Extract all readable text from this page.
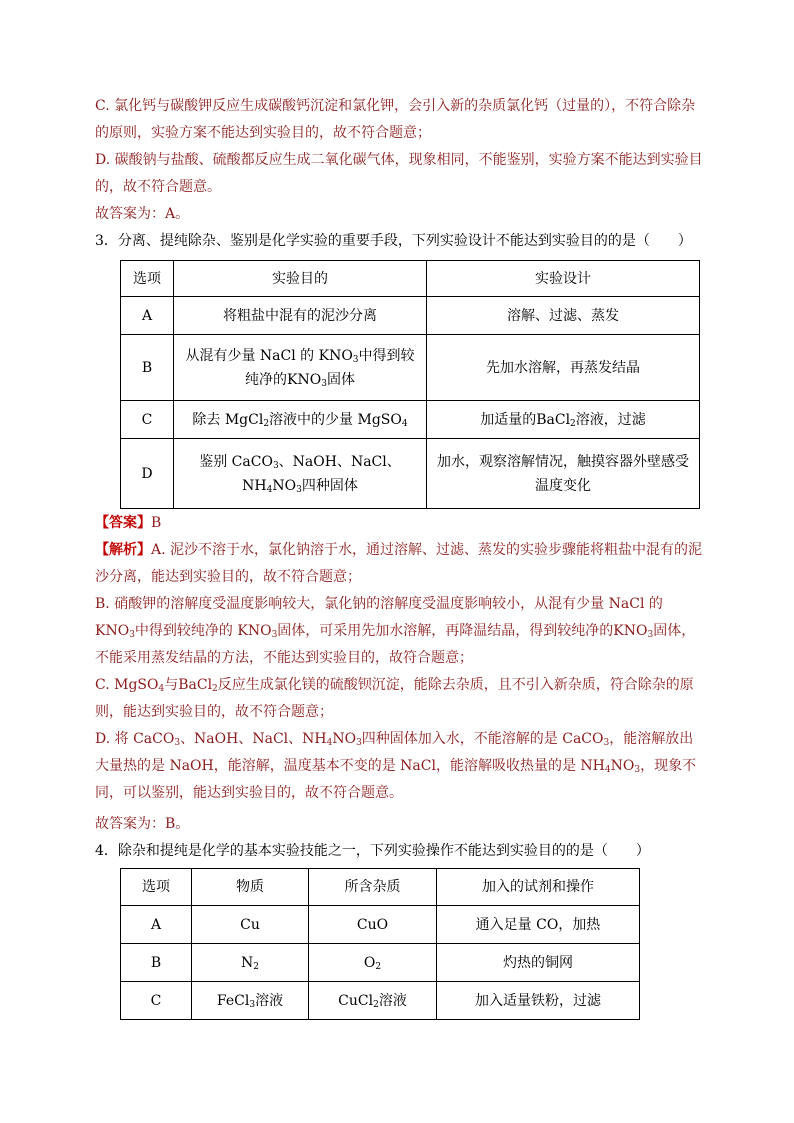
C. 氯化钙与碳酸钾反应生成碳酸钙沉淀和氯化钾，会引入新的杂质氯化钙（过量的），不符合除杂的原则，实验方案不能达到实验目的，故不符合题意；

D. 碳酸钠与盐酸、硫酸都反应生成二氧化碳气体，现象相同，不能鉴别，实验方案不能达到实验目的，故不符合题意。

故答案为：A。

3．分离、提纯除杂、鉴别是化学实验的重要手段，下列实验设计不能达到实验目的的是（　　）

选项	实验目的	实验设计
A	将粗盐中混有的泥沙分离	溶解、过滤、蒸发
B	从混有少量 NaCl 的 $KNO_3$中得到较纯净的$KNO_3$固体	先加水溶解，再蒸发结晶
C	除去 MgCl$_2$溶液中的少量 MgSO$_4$	加适量的BaCl$_2$溶液，过滤
D	鉴别 CaCO$_3$、NaOH、NaCl、$NH_4NO_3$四种固体	加水，观察溶解情况，触摸容器外壁感受温度变化

【答案】B

【解析】A. 泥沙不溶于水，氯化钠溶于水，通过溶解、过滤、蒸发的实验步骤能将粗盐中混有的泥沙分离，能达到实验目的，故不符合题意；

B. 硝酸钾的溶解度受温度影响较大，氯化钠的溶解度受温度影响较小，从混有少量 NaCl 的 $KNO_3$中得到较纯净的 $KNO_3$固体，可采用先加水溶解，再降温结晶，得到较纯净的$KNO_3$固体，不能采用蒸发结晶的方法，不能达到实验目的，故符合题意；

C. MgSO$_4$与BaCl$_2$反应生成氯化镁的硫酸钡沉淀，能除去杂质，且不引入新杂质，符合除杂的原则，能达到实验目的，故不符合题意；

D. 将 CaCO$_3$、NaOH、NaCl、$NH_4NO_3$四种固体加入水，不能溶解的是 CaCO$_3$，能溶解放出大量热的是 NaOH，能溶解，温度基本不变的是 NaCl，能溶解吸收热量的是 $NH_4NO_3$，现象不同，可以鉴别，能达到实验目的，故不符合题意。

故答案为：B。

4．除杂和提纯是化学的基本实验技能之一，下列实验操作不能达到实验目的的是（　　）

选项	物质	所含杂质	加入的试剂和操作
A	Cu	CuO	通入足量 CO，加热
B	$N_2$	$O_2$	灼热的铜网
C	FeCl$_3$溶液	CuCl$_2$溶液	加入适量铁粉，过滤
